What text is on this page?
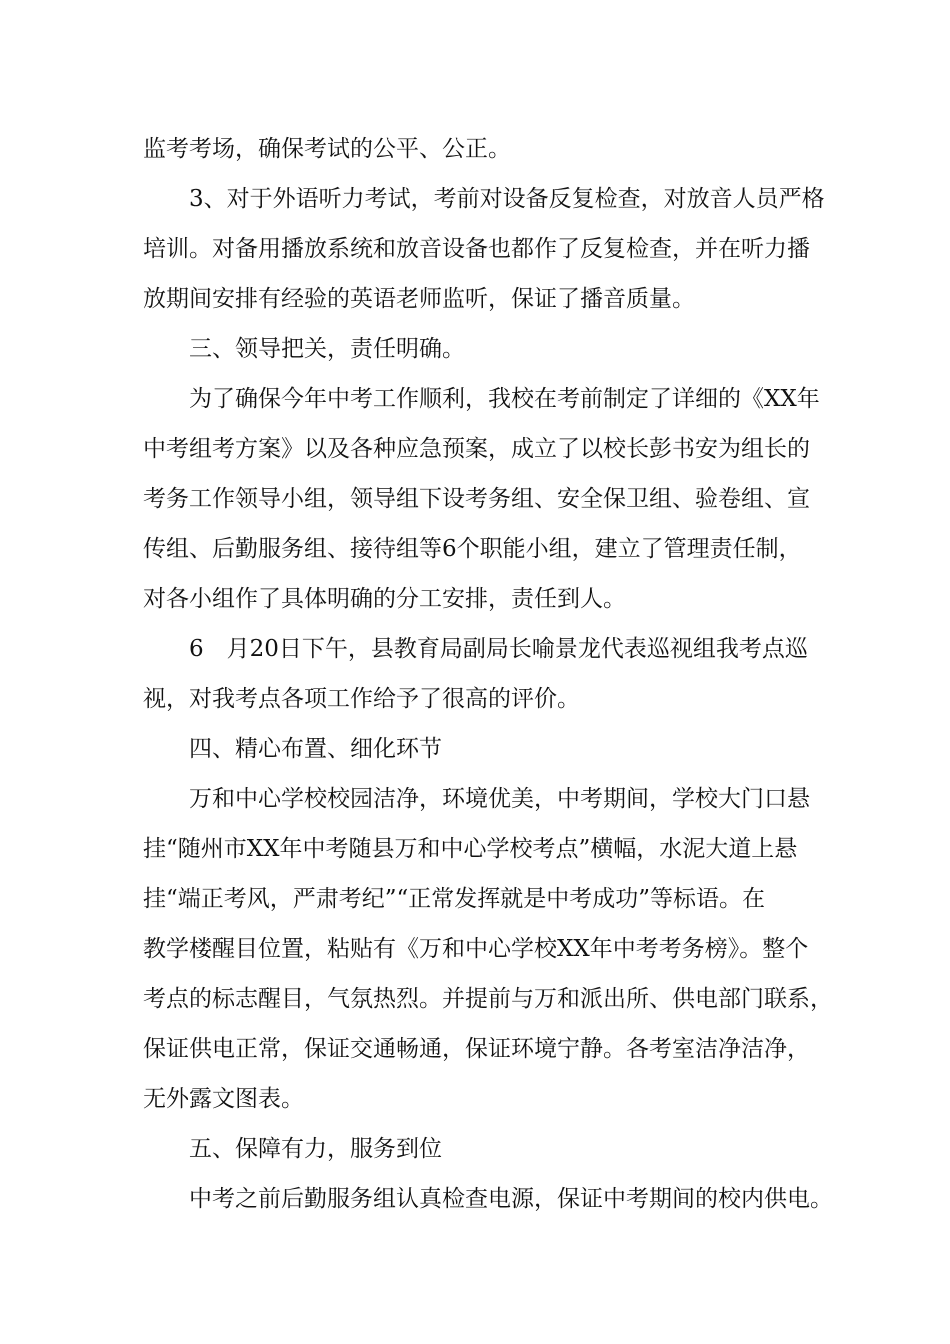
监考考场，确保考试的公平、公正。
3、对于外语听力考试，考前对设备反复检查，对放音人员严格
培训。对备用播放系统和放音设备也都作了反复检查，并在听力播
放期间安排有经验的英语老师监听，保证了播音质量。
三、领导把关，责任明确。
为了确保今年中考工作顺利，我校在考前制定了详细的《XX年
中考组考方案》以及各种应急预案，成立了以校长彭书安为组长的
考务工作领导小组，领导组下设考务组、安全保卫组、验卷组、宣
传组、后勤服务组、接待组等6个职能小组，建立了管理责任制，
对各小组作了具体明确的分工安排，责任到人。
6　月20日下午，县教育局副局长喻景龙代表巡视组我考点巡
视，对我考点各项工作给予了很高的评价。
四、精心布置、细化环节
万和中心学校校园洁净，环境优美，中考期间，学校大门口悬
挂“随州市XX年中考随县万和中心学校考点”横幅，水泥大道上悬
挂“端正考风，严肃考纪”“正常发挥就是中考成功”等标语。在
教学楼醒目位置，粘贴有《万和中心学校XX年中考考务榜》。整个
考点的标志醒目，气氛热烈。并提前与万和派出所、供电部门联系，
保证供电正常，保证交通畅通，保证环境宁静。各考室洁净洁净，
无外露文图表。
五、保障有力，服务到位
中考之前后勤服务组认真检查电源，保证中考期间的校内供电。
